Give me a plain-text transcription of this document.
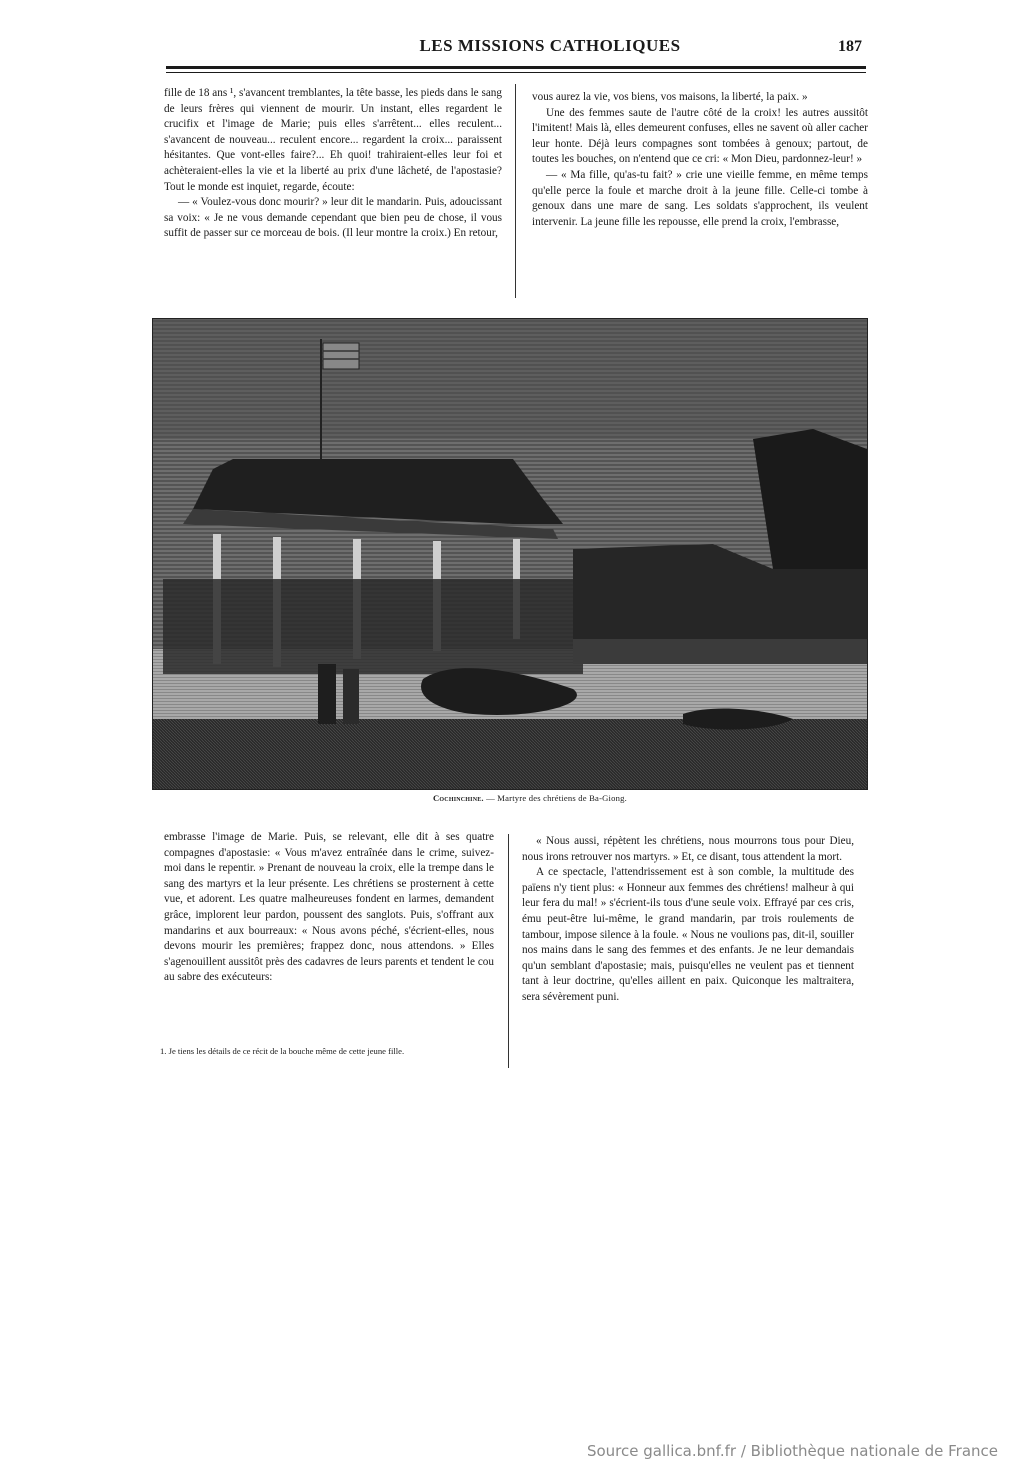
LES MISSIONS CATHOLIQUES	187

fille de 18 ans ¹, s'avancent tremblantes, la tête basse, les pieds dans le sang de leurs frères qui viennent de mourir. Un instant, elles regardent le crucifix et l'image de Marie; puis elles s'arrêtent... elles reculent... s'avancent de nouveau... reculent encore... regardent la croix... paraissent hésitantes. Que vont-elles faire?... Eh quoi! trahiraient-elles leur foi et achèteraient-elles la vie et la liberté au prix d'une lâcheté, de l'apostasie? Tout le monde est inquiet, regarde, écoute:

— « Voulez-vous donc mourir? » leur dit le mandarin. Puis, adoucissant sa voix: « Je ne vous demande cependant que bien peu de chose, il vous suffit de passer sur ce morceau de bois. (Il leur montre la croix.) En retour,

vous aurez la vie, vos biens, vos maisons, la liberté, la paix. »

Une des femmes saute de l'autre côté de la croix! les autres aussitôt l'imitent! Mais là, elles demeurent confuses, elles ne savent où aller cacher leur honte. Déjà leurs compagnes sont tombées à genoux; partout, de toutes les bouches, on n'entend que ce cri: « Mon Dieu, pardonnez-leur! »

— « Ma fille, qu'as-tu fait? » crie une vieille femme, en même temps qu'elle perce la foule et marche droit à la jeune fille. Celle-ci tombe à genoux dans une mare de sang. Les soldats s'approchent, ils veulent intervenir. La jeune fille les repousse, elle prend la croix, l'embrasse,

Cochinchine. — Martyre des chrétiens de Ba-Giong.

embrasse l'image de Marie. Puis, se relevant, elle dit à ses quatre compagnes d'apostasie: « Vous m'avez entraînée dans le crime, suivez-moi dans le repentir. » Prenant de nouveau la croix, elle la trempe dans le sang des martyrs et la leur présente. Les chrétiens se prosternent à cette vue, et adorent. Les quatre malheureuses fondent en larmes, demandent grâce, implorent leur pardon, poussent des sanglots. Puis, s'offrant aux mandarins et aux bourreaux: « Nous avons péché, s'écrient-elles, nous devons mourir les premières; frappez donc, nous attendons. » Elles s'agenouillent aussitôt près des cadavres de leurs parents et tendent le cou au sabre des exécuteurs:

« Nous aussi, répètent les chrétiens, nous mourrons tous pour Dieu, nous irons retrouver nos martyrs. » Et, ce disant, tous attendent la mort.

A ce spectacle, l'attendrissement est à son comble, la multitude des païens n'y tient plus: « Honneur aux femmes des chrétiens! malheur à qui leur fera du mal! » s'écrient-ils tous d'une seule voix. Effrayé par ces cris, ému peut-être lui-même, le grand mandarin, par trois roulements de tambour, impose silence à la foule. « Nous ne voulions pas, dit-il, souiller nos mains dans le sang des femmes et des enfants. Je ne leur demandais qu'un semblant d'apostasie; mais, puisqu'elles ne veulent pas et tiennent tant à leur doctrine, qu'elles aillent en paix. Quiconque les maltraitera, sera sévèrement puni.

1. Je tiens les détails de ce récit de la bouche même de cette jeune fille.
Source gallica.bnf.fr / Bibliothèque nationale de France
